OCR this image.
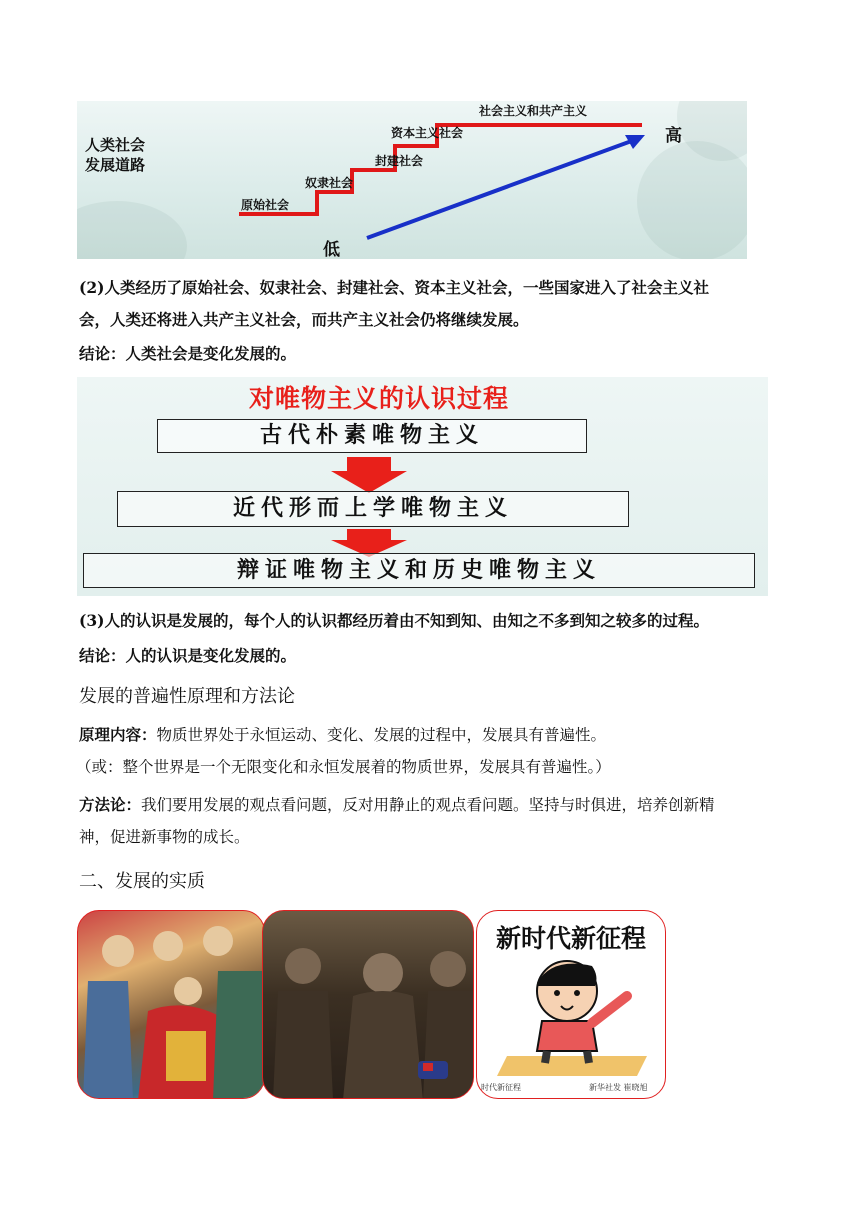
人类社会
发展道路
原始社会
奴隶社会
封建社会
资本主义社会
社会主义和共产主义
低
高
(2)人类经历了原始社会、奴隶社会、封建社会、资本主义社会，一些国家进入了社会主义社
会，人类还将进入共产主义社会，而共产主义社会仍将继续发展。
结论：人类社会是变化发展的。
对唯物主义的认识过程
古代朴素唯物主义
近代形而上学唯物主义
辩证唯物主义和历史唯物主义
(3)人的认识是发展的，每个人的认识都经历着由不知到知、由知之不多到知之较多的过程。
结论：人的认识是变化发展的。
发展的普遍性原理和方法论
原理内容：物质世界处于永恒运动、变化、发展的过程中，发展具有普遍性。
（或：整个世界是一个无限变化和永恒发展着的物质世界，发展具有普遍性。）
方法论：我们要用发展的观点看问题，反对用静止的观点看问题。坚持与时俱进，培养创新精
神，促进新事物的成长。
二、发展的实质
新时代新征程
时代新征程	新华社发 崔晓旭
